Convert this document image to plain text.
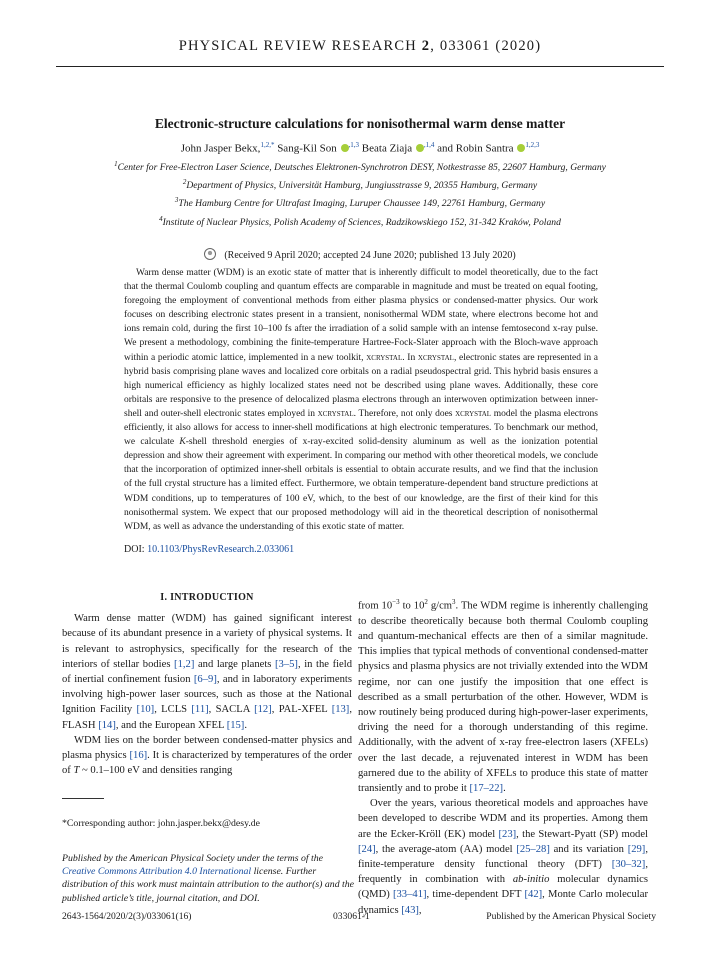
PHYSICAL REVIEW RESEARCH 2, 033061 (2020)
Electronic-structure calculations for nonisothermal warm dense matter
John Jasper Bekx,$^{1,2,*}$ Sang-Kil Son $^{,1,3}$ Beata Ziaja $^{,1,4}$ and Robin Santra $^{1,2,3}$
$^1$Center for Free-Electron Laser Science, Deutsches Elektronen-Synchrotron DESY, Notkestrasse 85, 22607 Hamburg, Germany
$^2$Department of Physics, Universität Hamburg, Jungiusstrasse 9, 20355 Hamburg, Germany
$^3$The Hamburg Centre for Ultrafast Imaging, Luruper Chaussee 149, 22761 Hamburg, Germany
$^4$Institute of Nuclear Physics, Polish Academy of Sciences, Radzikowskiego 152, 31-342 Kraków, Poland
(Received 9 April 2020; accepted 24 June 2020; published 13 July 2020)
Warm dense matter (WDM) is an exotic state of matter that is inherently difficult to model theoretically, due to the fact that the thermal Coulomb coupling and quantum effects are comparable in magnitude and must be treated on equal footing, foregoing the employment of conventional methods from either plasma physics or condensed-matter physics. Our work focuses on describing electronic states present in a transient, nonisothermal WDM state, where electrons become hot and ions remain cold, during the first 10–100 fs after the irradiation of a solid sample with an intense femtosecond x-ray pulse. We present a methodology, combining the finite-temperature Hartree-Fock-Slater approach with the Bloch-wave approach within a periodic atomic lattice, implemented in a new toolkit, xcrystal. In xcrystal, electronic states are represented in a hybrid basis comprising plane waves and localized core orbitals on a radial pseudospectral grid. This hybrid basis ensures a high numerical efficiency as highly localized states need not be described using plane waves. Additionally, these core orbitals are responsive to the presence of delocalized plasma electrons through an interwoven optimization between inner-shell and outer-shell electronic states employed in xcrystal. Therefore, not only does xcrystal model the plasma electrons efficiently, it also allows for access to inner-shell modifications at high electronic temperatures. To benchmark our method, we calculate K-shell threshold energies of x-ray-excited solid-density aluminum as well as the ionization potential depression and show their agreement with experiment. In comparing our method with other theoretical models, we conclude that the incorporation of optimized inner-shell orbitals is essential to obtain accurate results, and we find that the inclusion of the full crystal structure has a limited effect. Furthermore, we obtain temperature-dependent band structure predictions at WDM conditions, up to temperatures of 100 eV, which, to the best of our knowledge, are the first of their kind for this nonisothermal system. We expect that our proposed methodology will aid in the theoretical description of nonisothermal WDM, as well as advance the understanding of this exotic state of matter.
DOI: 10.1103/PhysRevResearch.2.033061
I. INTRODUCTION

Warm dense matter (WDM) has gained significant interest because of its abundant presence in a variety of physical systems. It is relevant to astrophysics, specifically for the research of the interiors of stellar bodies [1,2] and large planets [3–5], in the field of inertial confinement fusion [6–9], and in laboratory experiments involving high-power laser sources, such as those at the National Ignition Facility [10], LCLS [11], SACLA [12], PAL-XFEL [13], FLASH [14], and the European XFEL [15].

WDM lies on the border between condensed-matter physics and plasma physics [16]. It is characterized by temperatures of the order of T ~ 0.1–100 eV and densities ranging

from $10^{-3}$ to $10^2$ $g/cm^3$. The WDM regime is inherently challenging to describe theoretically because both thermal Coulomb coupling and quantum-mechanical effects are then of a similar magnitude. This implies that typical methods of conventional condensed-matter physics and plasma physics are not trivially extended into the WDM regime, nor can one justify the imposition that one effect is described as a small perturbation of the other. However, WDM is now routinely being produced during high-power-laser experiments, driving the need for a thorough understanding of this regime. Additionally, with the advent of x-ray free-electron lasers (XFELs) over the last decade, a rejuvenated interest in WDM has been garnered due to the ability of XFELs to produce this state of matter transiently and to probe it [17–22].

Over the years, various theoretical models and approaches have been developed to describe WDM and its properties. Among them are the Ecker-Kröll (EK) model [23], the Stewart-Pyatt (SP) model [24], the average-atom (AA) model [25–28] and its variation [29], finite-temperature density functional theory (DFT) [30–32], frequently in combination with ab-initio molecular dynamics (QMD) [33–41], time-dependent DFT [42], Monte Carlo molecular dynamics [43],

*Corresponding author: john.jasper.bekx@desy.de
Published by the American Physical Society under the terms of the Creative Commons Attribution 4.0 International license. Further distribution of this work must maintain attribution to the author(s) and the published article’s title, journal citation, and DOI.
2643-1564/2020/2(3)/033061(16)	033061-1	Published by the American Physical Society
